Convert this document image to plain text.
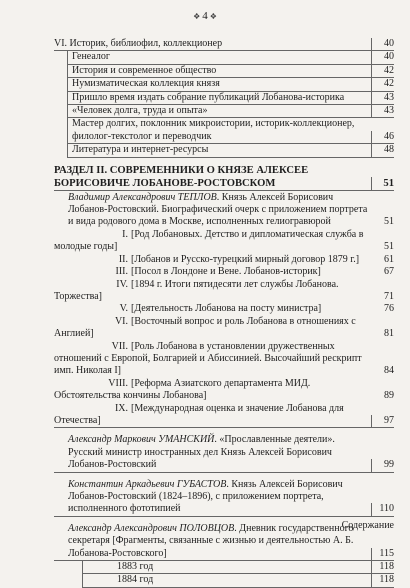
❖ 4 ❖
VI. Историк, библиофил, коллекционер	40
Генеалог	40
История и современное общество	42
Нумизматическая коллекция князя	42
Пришло время издать собрание публикаций Лобанова-историка	43
«Человек долга, труда и опыта»	43
Мастер долгих, поклонник микроистории, историк-коллекционер, филолог-текстолог и переводчик	46
Литература и интернет-ресурсы	48
РАЗДЕЛ II. СОВРЕМЕННИКИ О КНЯЗЕ АЛЕКСЕЕ БОРИСОВИЧЕ ЛОБАНОВЕ-РОСТОВСКОМ	51
Владимир Александрович ТЕПЛОВ. Князь Алексей Борисович Лобанов-Ростовский. Биографический очерк с приложением портрета и вида родового дома в Москве, исполненных гелиогравюрой	51
I. [Род Лобановых. Детство и дипломатическая служба в молодые годы]	51
II. [Лобанов и Русско-турецкий мирный договор 1879 г.]	61
III. [Посол в Лондоне и Вене. Лобанов-историк]	67
IV. [1894 г. Итоги пятидесяти лет службы Лобанова. Торжества]	71
V. [Деятельность Лобанова на посту министра]	76
VI. [Восточный вопрос и роль Лобанова в отношениях с Англией]	81
VII. [Роль Лобанова в установлении дружественных отношений с Европой, Болгарией и Абиссинией. Высочайший рескрипт имп. Николая I]	84
VIII. [Реформа Азиатского департамента МИД. Обстоятельства кончины Лобанова]	89
IX. [Международная оценка и значение Лобанова для Отечества]	97
Александр Маркович УМАНСКИЙ. «Прославленные деятели». Русский министр иностранных дел Князь Алексей Борисович Лобанов-Ростовский	99
Константин Аркадьевич ГУБАСТОВ. Князь Алексей Борисович Лобанов-Ростовский (1824–1896), с приложением портрета, исполненного фототипией	110
Александр Александрович ПОЛОВЦОВ. Дневник государственного секретаря [Фрагменты, связанные с жизнью и деятельностью А. Б. Лобанова-Ростовского]	115
1883 год	118
1884 год	118
Содержание
